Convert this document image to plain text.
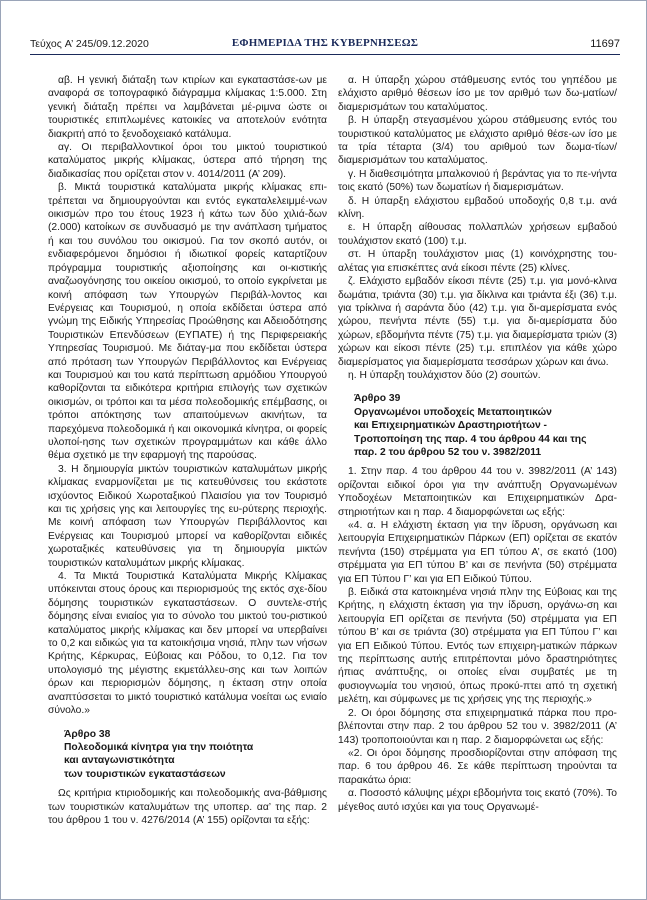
Τεύχος A’ 245/09.12.2020	ΕΦΗΜΕΡΙΔΑ ΤΗΣ ΚΥΒΕΡΝΗΣΕΩΣ	11697

αβ. Η γενική διάταξη των κτιρίων και εγκαταστάσε-ων με αναφορά σε τοπογραφικό διάγραμμα κλίμακας 1:5.000. Στη γενική διάταξη πρέπει να λαμβάνεται μέ-ριμνα ώστε οι τουριστικές επιπλωμένες κατοικίες να αποτελούν ενότητα διακριτή από το ξενοδοχειακό κατάλυμα.

αγ. Οι περιβαλλοντικοί όροι του μικτού τουριστικού καταλύματος μικρής κλίμακας, ύστερα από τήρηση της διαδικασίας που ορίζεται στον ν. 4014/2011 (Α’ 209).

β. Μικτά τουριστικά καταλύματα μικρής κλίμακας επι-τρέπεται να δημιουργούνται και εντός εγκαταλελειμμέ-νων οικισμών προ του έτους 1923 ή κάτω των δύο χιλιά-δων (2.000) κατοίκων σε συνδυασμό με την ανάπλαση τμήματος ή και του συνόλου του οικισμού. Για τον σκοπό αυτόν, οι ενδιαφερόμενοι δημόσιοι ή ιδιωτικοί φορείς καταρτίζουν πρόγραμμα τουριστικής αξιοποίησης και οι-κιστικής αναζωογόνησης του οικείου οικισμού, το οποίο εγκρίνεται με κοινή απόφαση των Υπουργών Περιβάλ-λοντος και Ενέργειας και Τουρισμού, η οποία εκδίδεται ύστερα από γνώμη της Ειδικής Υπηρεσίας Προώθησης και Αδειοδότησης Τουριστικών Επενδύσεων (ΕΥΠΑΤΕ) ή της Περιφερειακής Υπηρεσίας Τουρισμού. Με διάταγ-μα που εκδίδεται ύστερα από πρόταση των Υπουργών Περιβάλλοντος και Ενέργειας και Τουρισμού και του κατά περίπτωση αρμόδιου Υπουργού καθορίζονται τα ειδικότερα κριτήρια επιλογής των σχετικών οικισμών, οι τρόποι και τα μέσα πολεοδομικής επέμβασης, οι τρόποι απόκτησης των απαιτούμενων ακινήτων, τα παρεχόμενα πολεοδομικά ή και οικονομικά κίνητρα, οι φορείς υλοποί-ησης των σχετικών προγραμμάτων και κάθε άλλο θέμα σχετικό με την εφαρμογή της παρούσας.

3. Η δημιουργία μικτών τουριστικών καταλυμάτων μικρής κλίμακας εναρμονίζεται με τις κατευθύνσεις του εκάστοτε ισχύοντος Ειδικού Χωροταξικού Πλαισίου για τον Τουρισμό και τις χρήσεις γης και λειτουργίες της ευ-ρύτερης περιοχής. Με κοινή απόφαση των Υπουργών Περιβάλλοντος και Ενέργειας και Τουρισμού μπορεί να καθορίζονται ειδικές χωροταξικές κατευθύνσεις για τη δημιουργία μικτών τουριστικών καταλυμάτων μικρής κλίμακας.

4. Τα Μικτά Τουριστικά Καταλύματα Μικρής Κλίμακας υπόκεινται στους όρους και περιορισμούς της εκτός σχε-δίου δόμησης τουριστικών εγκαταστάσεων. Ο συντελε-στής δόμησης είναι ενιαίος για το σύνολο του μικτού του-ριστικού καταλύματος μικρής κλίμακας και δεν μπορεί να υπερβαίνει το 0,2 και ειδικώς για τα κατοικήσιμα νησιά, πλην των νήσων Κρήτης, Κέρκυρας, Εύβοιας και Ρόδου, το 0,12. Για τον υπολογισμό της μέγιστης εκμετάλλευ-σης και των λοιπών όρων και περιορισμών δόμησης, η έκταση στην οποία αναπτύσσεται το μικτό τουριστικό κατάλυμα νοείται ως ενιαίο σύνολο.»

Άρθρο 38
Πολεοδομικά κίνητρα για την ποιότητα
και ανταγωνιστικότητα
των τουριστικών εγκαταστάσεων

Ως κριτήρια κτιριοδομικής και πολεοδομικής ανα-βάθμισης των τουριστικών καταλυμάτων της υποπερ. αα’ της παρ. 2 του άρθρου 1 του ν. 4276/2014 (Α’ 155) ορίζονται τα εξής:

α. Η ύπαρξη χώρου στάθμευσης εντός του γηπέδου με ελάχιστο αριθμό θέσεων ίσο με τον αριθμό των δω-ματίων/διαμερισμάτων του καταλύματος.

β. Η ύπαρξη στεγασμένου χώρου στάθμευσης εντός του τουριστικού καταλύματος με ελάχιστο αριθμό θέσε-ων ίσο με τα τρία τέταρτα (3/4) του αριθμού των δωμα-τίων/διαμερισμάτων του καταλύματος.

γ. Η διαθεσιμότητα μπαλκονιού ή βεράντας για το πε-νήντα τοις εκατό (50%) των δωματίων ή διαμερισμάτων.

δ. Η ύπαρξη ελάχιστου εμβαδού υποδοχής 0,8 τ.μ. ανά κλίνη.

ε. Η ύπαρξη αίθουσας πολλαπλών χρήσεων εμβαδού τουλάχιστον εκατό (100) τ.μ.

στ. Η ύπαρξη τουλάχιστον μιας (1) κοινόχρηστης του-αλέτας για επισκέπτες ανά είκοσι πέντε (25) κλίνες.

ζ. Ελάχιστο εμβαδόν είκοσι πέντε (25) τ.μ. για μονό-κλινα δωμάτια, τριάντα (30) τ.μ. για δίκλινα και τριάντα έξι (36) τ.μ. για τρίκλινα ή σαράντα δύο (42) τ.μ. για δι-αμερίσματα ενός χώρου, πενήντα πέντε (55) τ.μ. για δι-αμερίσματα δύο χώρων, εβδομήντα πέντε (75) τ.μ. για διαμερίσματα τριών (3) χώρων και είκοσι πέντε (25) τ.μ. επιπλέον για κάθε χώρο διαμερίσματος για διαμερίσματα τεσσάρων χώρων και άνω.

η. Η ύπαρξη τουλάχιστον δύο (2) σουιτών.

Άρθρο 39
Οργανωμένοι υποδοχείς Μεταποιητικών
και Επιχειρηματικών Δραστηριοτήτων -
Τροποποίηση της παρ. 4 του άρθρου 44 και της
παρ. 2 του άρθρου 52 του ν. 3982/2011

1. Στην παρ. 4 του άρθρου 44 του ν. 3982/2011 (Α’ 143) ορίζονται ειδικοί όροι για την ανάπτυξη Οργανωμένων Υποδοχέων Μεταποιητικών και Επιχειρηματικών Δρα-στηριοτήτων και η παρ. 4 διαμορφώνεται ως εξής:

«4. α. Η ελάχιστη έκταση για την ίδρυση, οργάνωση και λειτουργία Επιχειρηματικών Πάρκων (ΕΠ) ορίζεται σε εκατόν πενήντα (150) στρέμματα για ΕΠ τύπου Α’, σε εκατό (100) στρέμματα για ΕΠ τύπου Β’ και σε πενήντα (50) στρέμματα για ΕΠ Τύπου Γ’ και για ΕΠ Ειδικού Τύπου.

β. Ειδικά στα κατοικημένα νησιά πλην της Εύβοιας και της Κρήτης, η ελάχιστη έκταση για την ίδρυση, οργάνω-ση και λειτουργία ΕΠ ορίζεται σε πενήντα (50) στρέμματα για ΕΠ τύπου Β’ και σε τριάντα (30) στρέμματα για ΕΠ Τύπου Γ’ και για ΕΠ Ειδικού Τύπου. Εντός των επιχειρη-ματικών πάρκων της περίπτωσης αυτής επιτρέπονται μόνο δραστηριότητες ήπιας ανάπτυξης, οι οποίες είναι συμβατές με τη φυσιογνωμία του νησιού, όπως προκύ-πτει από τη σχετική μελέτη, και σύμφωνες με τις χρήσεις γης της περιοχής.»

2. Οι όροι δόμησης στα επιχειρηματικά πάρκα που προ-βλέπονται στην παρ. 2 του άρθρου 52 του ν. 3982/2011 (Α’ 143) τροποποιούνται και η παρ. 2 διαμορφώνεται ως εξής:

«2. Οι όροι δόμησης προσδιορίζονται στην απόφαση της παρ. 6 του άρθρου 46. Σε κάθε περίπτωση τηρούνται τα παρακάτω όρια:

α. Ποσοστό κάλυψης μέχρι εβδομήντα τοις εκατό (70%). Το μέγεθος αυτό ισχύει και για τους Οργανωμέ-
